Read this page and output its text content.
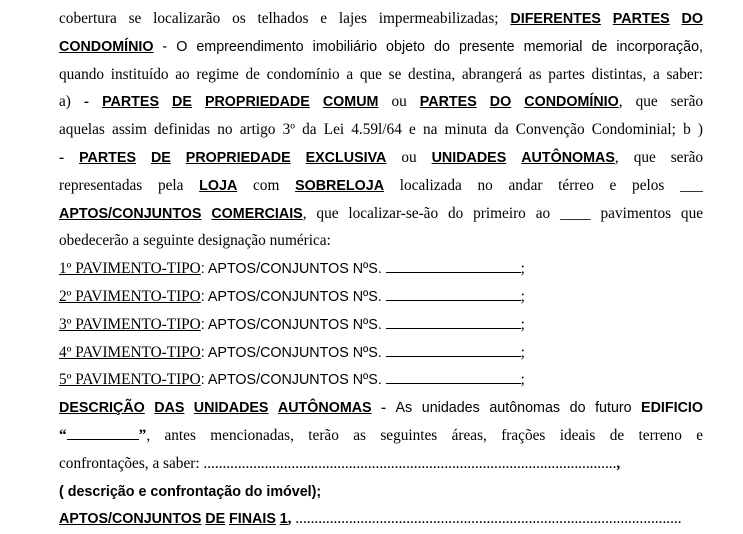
cobertura se localizarão os telhados e lajes impermeabilizadas; DIFERENTES PARTES DO
CONDOMÍNIO - O empreendimento imobiliário objeto do presente memorial de incorporação,
quando instituído ao regime de condomínio a que se destina, abrangerá as partes distintas, a saber:
a) - PARTES DE PROPRIEDADE COMUM ou PARTES DO CONDOMÍNIO, que serão
aquelas assim definidas no artigo 3º da Lei 4.59l/64 e na minuta da Convenção Condominial; b )
- PARTES DE PROPRIEDADE EXCLUSIVA ou UNIDADES AUTÔNOMAS, que serão
representadas pela LOJA com SOBRELOJA localizada no andar térreo e pelos ___
APTOS/CONJUNTOS COMERCIAIS, que localizar-se-ão do primeiro ao ____ pavimentos que
obedecerão a seguinte designação numérica:
1º PAVIMENTO-TIPO: APTOS/CONJUNTOS NºS.	;
2º PAVIMENTO-TIPO: APTOS/CONJUNTOS NºS.	;
3º PAVIMENTO-TIPO: APTOS/CONJUNTOS NºS.	;
4º PAVIMENTO-TIPO: APTOS/CONJUNTOS NºS.	;
5º PAVIMENTO-TIPO: APTOS/CONJUNTOS NºS.	;
DESCRIÇÃO DAS UNIDADES AUTÔNOMAS - As unidades autônomas do futuro EDIFICIO
“	”, antes mencionadas, terão as seguintes áreas, frações ideais de terreno e
confrontações, a saber: ............................................................................................................,
( descrição e confrontação do imóvel);
APTOS/CONJUNTOS DE FINAIS 1, .....................................................................................................
